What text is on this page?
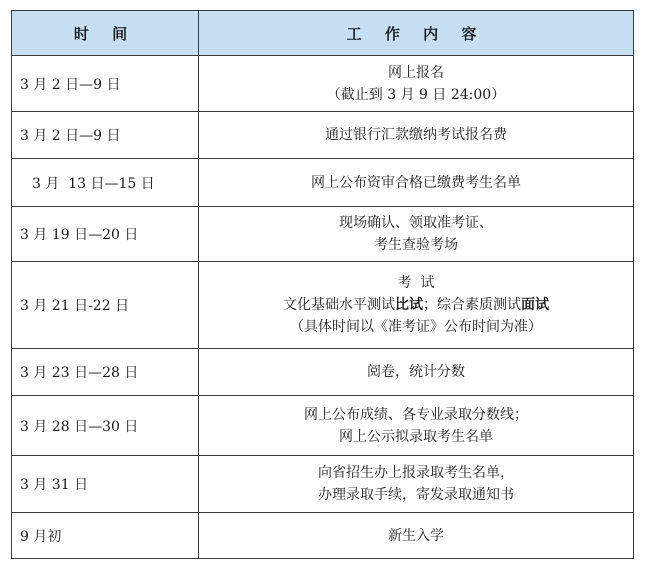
时 间	工 作 内 容
3 月 2 日—9 日	网上报名
（截止到 3 月 9 日 24:00）

3 月 2 日—9 日	通过银行汇款缴纳考试报名费

3 月  13 日—15 日	网上公布资审合格已缴费考生名单

3 月 19 日—20 日	现场确认、领取准考证、
考生查验考场

3 月 21 日-22 日	考  试
文化基础水平测试比试；综合素质测试面试
（具体时间以《准考证》公布时间为准）

3 月 23 日—28 日	阅卷，统计分数

3 月 28 日—30 日	网上公布成绩、各专业录取分数线；
网上公示拟录取考生名单

3 月 31 日	向省招生办上报录取考生名单，
办理录取手续，寄发录取通知书

9 月初	新生入学
